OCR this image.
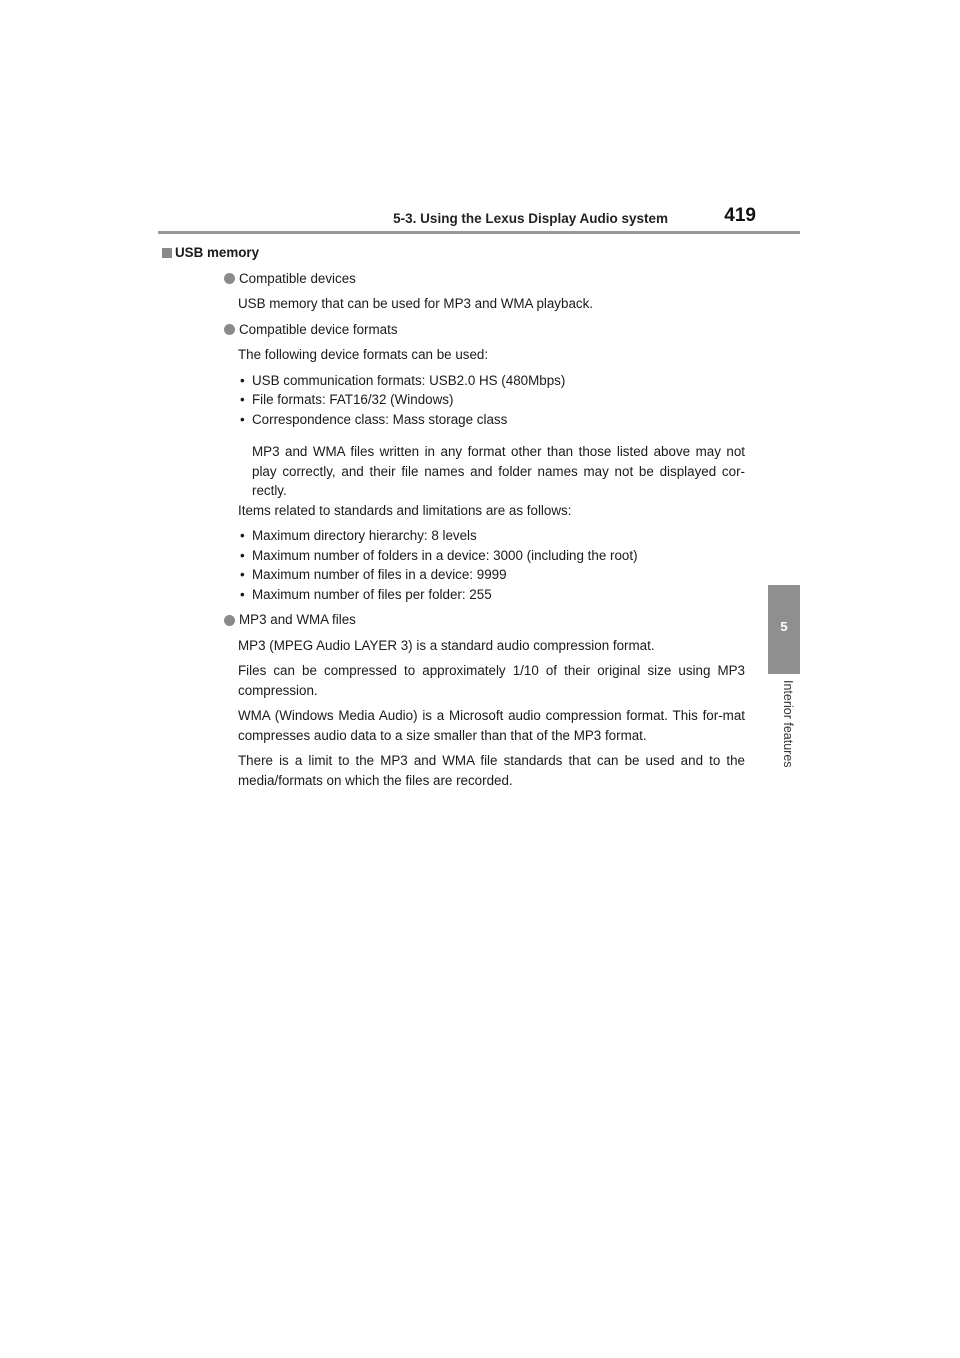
5-3. Using the Lexus Display Audio system	419
5
Interior features
USB memory
Compatible devices

USB memory that can be used for MP3 and WMA playback.

Compatible device formats

The following device formats can be used:

• USB communication formats: USB2.0 HS (480Mbps)
• File formats: FAT16/32 (Windows)
• Correspondence class: Mass storage class

MP3 and WMA files written in any format other than those listed above may not play correctly, and their file names and folder names may not be displayed cor-rectly.

Items related to standards and limitations are as follows:

• Maximum directory hierarchy: 8 levels
• Maximum number of folders in a device: 3000 (including the root)
• Maximum number of files in a device: 9999
• Maximum number of files per folder: 255
MP3 and WMA files

MP3 (MPEG Audio LAYER 3) is a standard audio compression format.

Files can be compressed to approximately 1/10 of their original size using MP3 compression.

WMA (Windows Media Audio) is a Microsoft audio compression format. This for-mat compresses audio data to a size smaller than that of the MP3 format.

There is a limit to the MP3 and WMA file standards that can be used and to the media/formats on which the files are recorded.
